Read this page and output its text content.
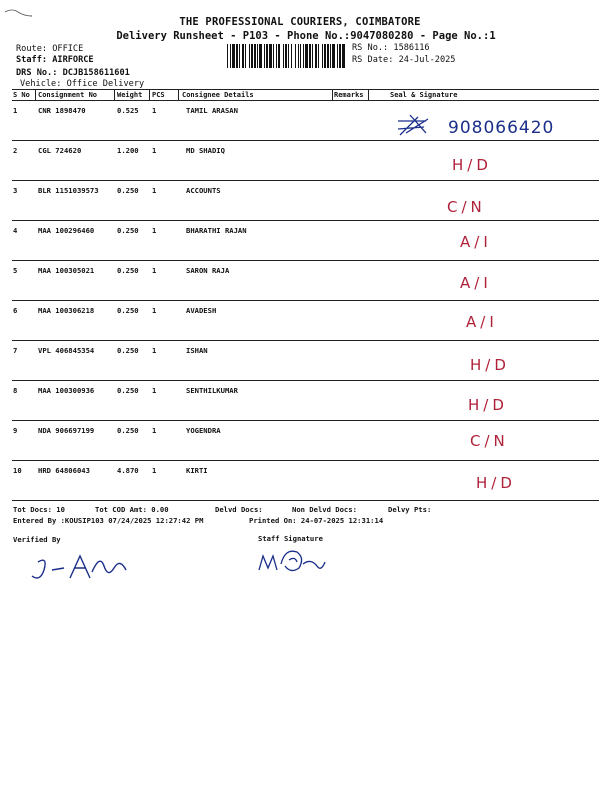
THE PROFESSIONAL COURIERS, COIMBATORE
Delivery Runsheet - P103 - Phone No.:9047080280 - Page No.:1
Route: OFFICE
Staff: AIRFORCE
DRS No.: DCJB158611601
Vehicle: Office Delivery
RS No.: 1586116
RS Date: 24-Jul-2025
S No Consignment No	Weight PCS Consignee Details	Remarks	Seal & Signature
1	CNR 1898470	0.525 1	TAMIL ARASAN
908066420
2	CGL 724620	1.200 1	MD SHADIQ
H/D
3	BLR 1151039573	0.250 1	ACCOUNTS
C/N
4	MAA 100296460	0.250 1	BHARATHI RAJAN
A/I
5	MAA 100305021	0.250 1	SARON RAJA
A/I
6	MAA 100306218	0.250 1	AVADESH
A/I
7	VPL 406845354	0.250 1	ISHAN
H/D
8	MAA 100300936	0.250 1	SENTHILKUMAR
H/D
9	NDA 906697199	0.250 1	YOGENDRA
C/N
10 HRD 64806043	4.870 1	KIRTI
H/D
Tot Docs: 10	Tot COD Amt: 0.00	Delvd Docs:	Non Delvd Docs:	Delvy Pts:
Entered By :KOUSIP103 07/24/2025 12:27:42 PM	Printed On: 24-07-2025 12:31:14
Verified By	Staff Signature
